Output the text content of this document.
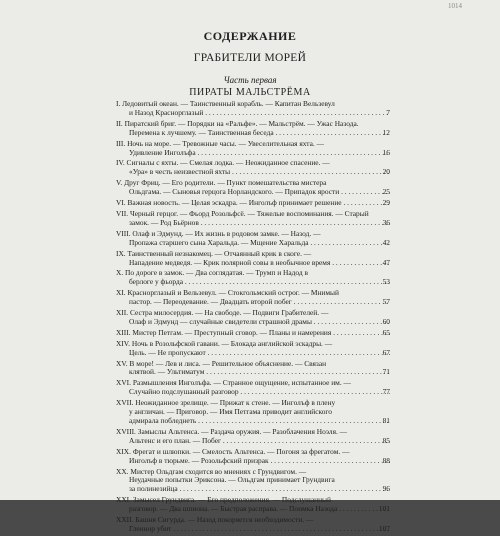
1014
СОДЕРЖАНИЕ
ГРАБИТЕЛИ МОРЕЙ
Часть первая
ПИРАТЫ МАЛЬСТРЁМА
I. Ледовитый океан. — Таинственный корабль. — Капитан Вельзевул
и Назод Краснорглазый . . .	7
II. Пиратский бриг. — Порядки на «Ральфе». — Мальстрём. — Ужас Назода.
Перемена к лучшему. — Таинственная беседа . . .	12
III. Ночь на море. — Тревожные часы. — Увеселительная яхта. —
Удивление Инголъфа . . .	16
IV. Сигналы с яхты. — Смелая лодка. — Неожиданное спасение. —
«Ура» в честь неизвестной яхты . . .	20
V. Друг Фриц. — Его родители. — Пункт помешательства мистера
Ольдгама. — Сыновья герцога Норландского. — Припадок ярости . . .	25
VI. Важная новость. — Целая эскадра. — Инголъф принимает решение . . .	29
VII. Черный герцог. — Фьорд Розольфсё. — Тяжелые воспоминания. — Старый
замок. — Род Бьёрнов . . .	36
VIII. Олаф и Эдмунд. — Их жизнь в родовом замке. — Назод. —
Пропажа старшего сына Харальда. — Мщение Харальда . . .	42
IX. Таинственный незнакомец. — Отчаянный крик в скоге. —
Нападение медведя. — Крик полярной совы в необычное время . . .	47
X. По дороге в замок. — Два соглядатая. — Трумп и Надод в
берлоге у фьорда . . .	53
XI. Краснорглазый и Вельзевул. — Стокгольмский острог. — Мнимый
пастор. — Переодевание. — Двадцать второй побег . . .	57
XII. Сестра милосердия. — На свободе. — Подвиги Грабителей. —
Олаф и Эдмунд — случайные свидетели страшной драмы . . .	60
XIII. Мистер Петгам. — Преступный сговор. — Планы и намерения . . .	65
XIV. Ночь в Розольфской гавани. — Блокада английской эскадры. —
Цель. — Не пропускают . . .	67
XV. В море! — Лев и лиса. — Решительное объяснение. — Связан
клятвой. — Ультиматум . . .	71
XVI. Размышления Инголъфа. — Странное ощущение, испытанное им. —
Случайно подслушанный разговор . . .	77
XVII. Неожиданное зрелище. — Прижат к стене. — Инголъф в плену
у англичан. — Приговор. — Имя Петгама приводит английского
адмирала побледнеть . . .	81
XVIII. Замыслы Альтенса. — Раздача оружия. — Разоблачения Ноэля. —
Альтенс и его план. — Побег . . .	85
XIX. Фрегат и шлюпки. — Смелость Альтенса. — Погоня за фрегатом. —
Инголъф в тюрьме. — Розольфский призрак . . .	88
XX. Мистер Ольдгам сходится во мнениях с Грундвигом. —
Неудачные попытки Эриксона. — Ольдгам принимает Грундвига
за полинезийца . . .	96
XXI. Замысел Грундвига. — Его предположения. — Подслушанный
разговор. — Два шпиона. — Быстрая расправа. — Поимка Назода . . .	101
XXII. Башня Сигурда. — Назод покоряется необходимости. —
Гленнор убит . . .	107
